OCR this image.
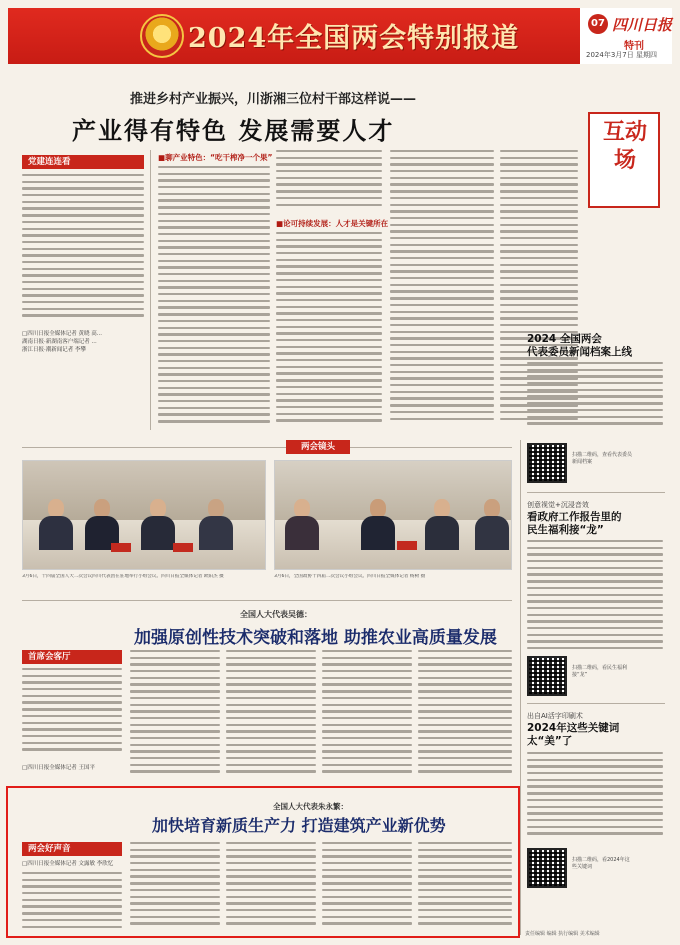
2024年全国两会特别报道	07 四川日报
特刊
2024年3月7日 星期四
推进乡村产业振兴，川浙湘三位村干部这样说——
产业得有特色 发展需要人才
党建连连看
□四川日报全媒体记者 黄晓 高...
湖南日报·新湖南客户端记者 ...
浙江日报·潮新闻记者 李攀
■聊产业特色：“吃干榨净一个果”
■论可持续发展：人才是关键所在
互动场
2024 全国两会
代表委员新闻档案上线
扫描二维码，查看代表委员新闻档案
创意视觉+沉浸音效
看政府工作报告里的
民生福利接“龙”
扫描二维码，看民生福利接“龙”
出自AI活字印刷术
2024年这些关键词
太“美”了
扫描二维码，看2024年这些关键词
责任编辑 编辑 执行编辑 美术编辑
两会镜头
3月6日，十四届全国人大二次会议四川代表团在驻地举行小组会议。四川日报全媒体记者 欧阳杰 摄	3月6日，全国政协十四届二次会议小组会议。四川日报全媒体记者 杨树 摄
全国人大代表吴德：
加强原创性技术突破和落地 助推农业高质量发展
首席会客厅
□四川日报全媒体记者 王国平
全国人大代表朱永繁：
加快培育新质生产力 打造建筑产业新优势
两会好声音
□四川日报全媒体记者 文露敏 李欣忆
